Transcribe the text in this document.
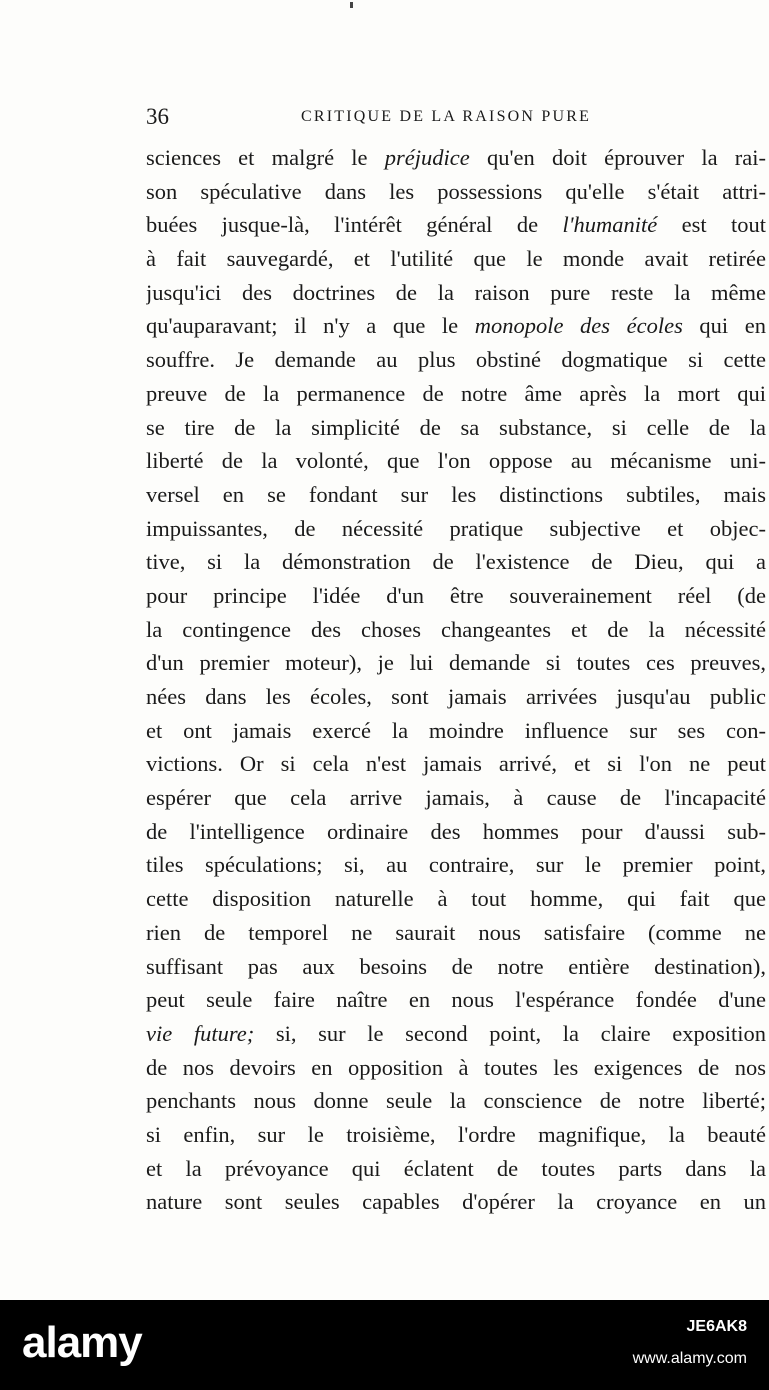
36	CRITIQUE DE LA RAISON PURE
sciences et malgré le préjudice qu'en doit éprouver la rai-
son spéculative dans les possessions qu'elle s'était attri-
buées jusque-là, l'intérêt général de l'humanité est tout
à fait sauvegardé, et l'utilité que le monde avait retirée
jusqu'ici des doctrines de la raison pure reste la même
qu'auparavant; il n'y a que le monopole des écoles qui en
souffre. Je demande au plus obstiné dogmatique si cette
preuve de la permanence de notre âme après la mort qui
se tire de la simplicité de sa substance, si celle de la
liberté de la volonté, que l'on oppose au mécanisme uni-
versel en se fondant sur les distinctions subtiles, mais
impuissantes, de nécessité pratique subjective et objec-
tive, si la démonstration de l'existence de Dieu, qui a
pour principe l'idée d'un être souverainement réel (de
la contingence des choses changeantes et de la nécessité
d'un premier moteur), je lui demande si toutes ces preuves,
nées dans les écoles, sont jamais arrivées jusqu'au public
et ont jamais exercé la moindre influence sur ses con-
victions. Or si cela n'est jamais arrivé, et si l'on ne peut
espérer que cela arrive jamais, à cause de l'incapacité
de l'intelligence ordinaire des hommes pour d'aussi sub-
tiles spéculations; si, au contraire, sur le premier point,
cette disposition naturelle à tout homme, qui fait que
rien de temporel ne saurait nous satisfaire (comme ne
suffisant pas aux besoins de notre entière destination),
peut seule faire naître en nous l'espérance fondée d'une
vie future; si, sur le second point, la claire exposition
de nos devoirs en opposition à toutes les exigences de nos
penchants nous donne seule la conscience de notre liberté;
si enfin, sur le troisième, l'ordre magnifique, la beauté
et la prévoyance qui éclatent de toutes parts dans la
nature sont seules capables d'opérer la croyance en un
alamy	JE6AK8
www.alamy.com
